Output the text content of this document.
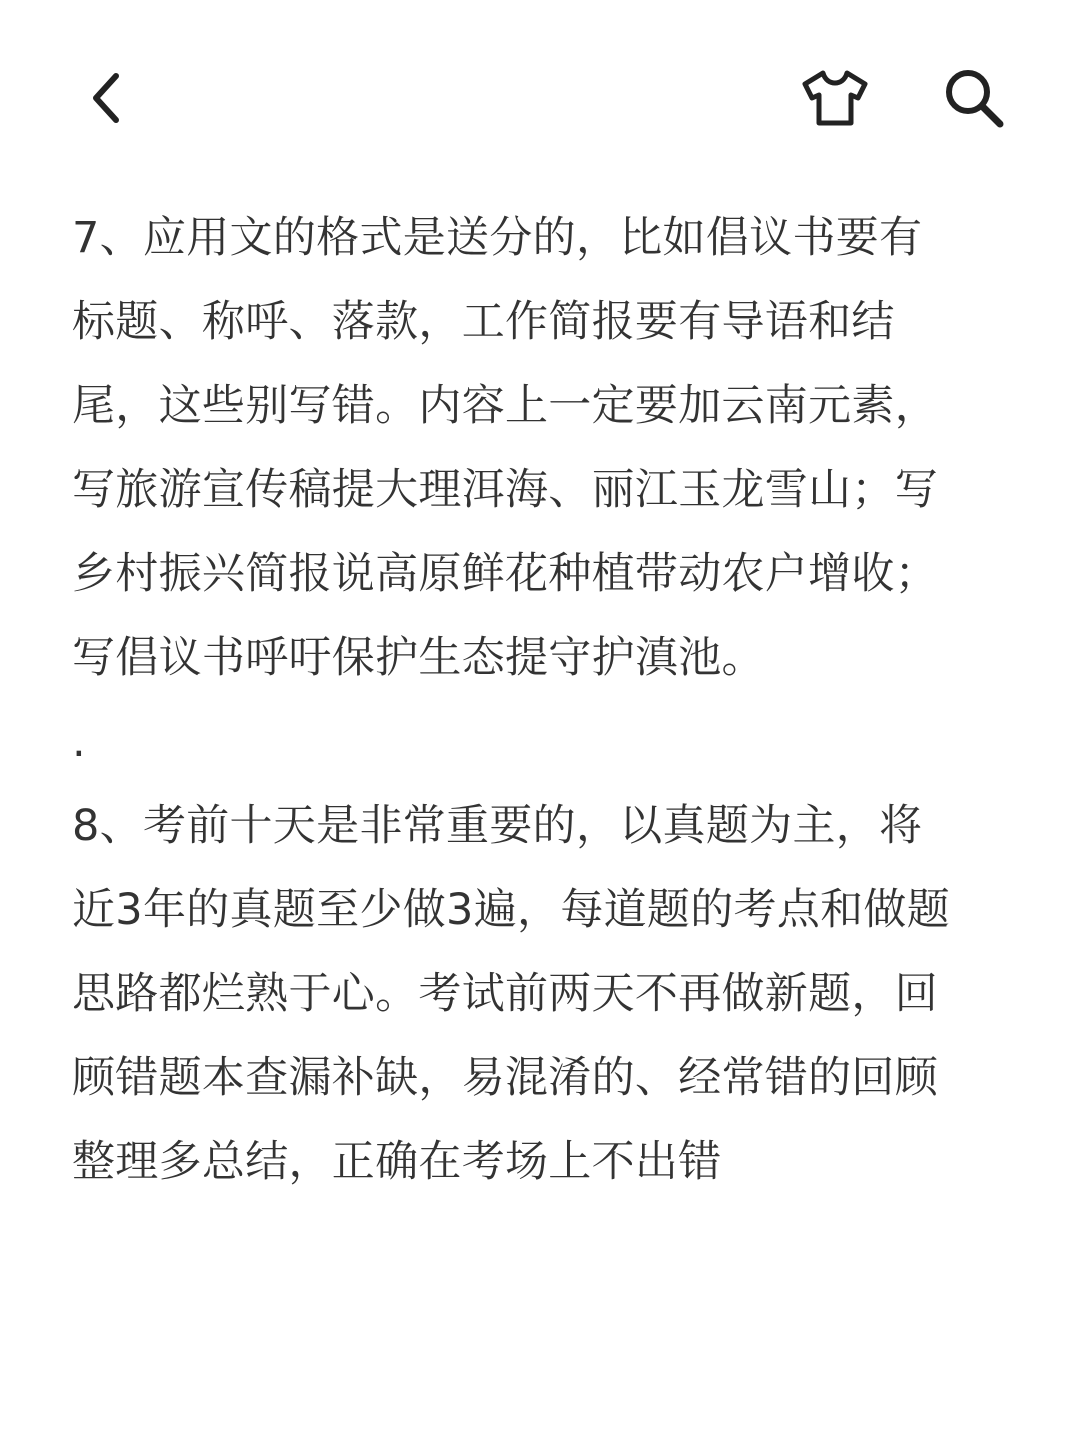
7、应用文的格式是送分的，比如倡议书要有
标题、称呼、落款，工作简报要有导语和结
尾，这些别写错。内容上一定要加云南元素，
写旅游宣传稿提大理洱海、丽江玉龙雪山；写
乡村振兴简报说高原鲜花种植带动农户增收；
写倡议书呼吁保护生态提守护滇池。

.

8、考前十天是非常重要的，以真题为主，将
近3年的真题至少做3遍，每道题的考点和做题
思路都烂熟于心。考试前两天不再做新题，回
顾错题本查漏补缺，易混淆的、经常错的回顾
整理多总结，正确在考场上不出错
